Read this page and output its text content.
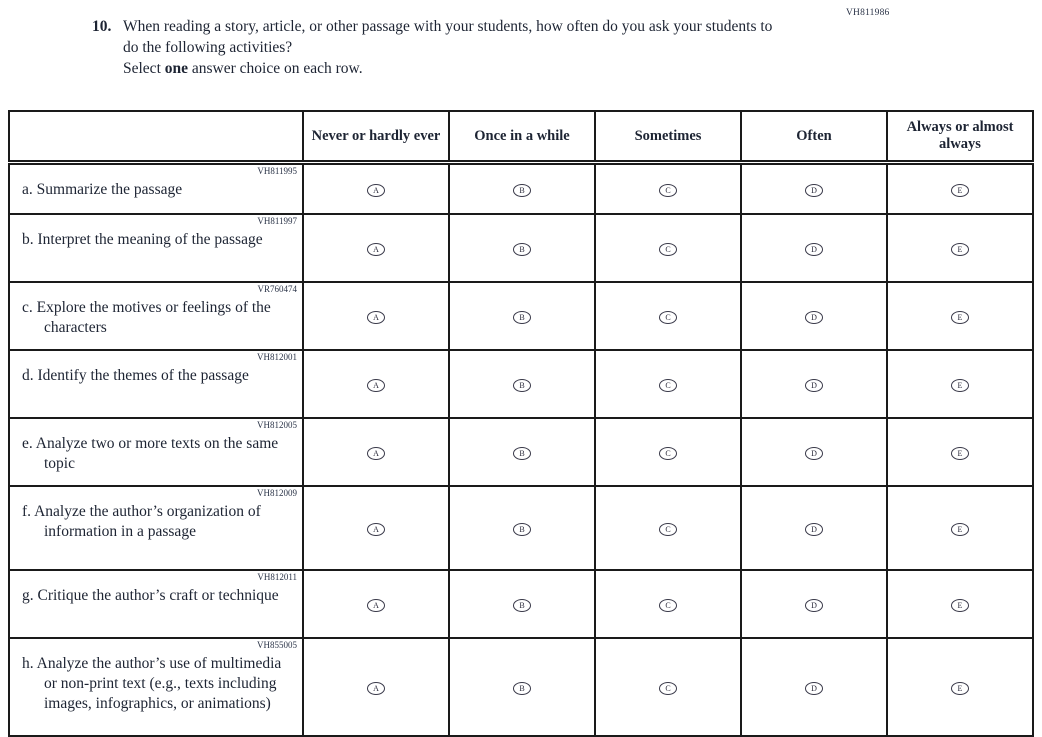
VH811986
10. When reading a story, article, or other passage with your students, how often do you ask your students to do the following activities?
Select one answer choice on each row.
	Never or hardly ever	Once in a while	Sometimes	Often	Always or almost always

VH811995
a. Summarize the passage	A	B	C	D	E

VH811997
b. Interpret the meaning of the passage	A	B	C	D	E

VR760474
c. Explore the motives or feelings of the characters	A	B	C	D	E

VH812001
d. Identify the themes of the passage	A	B	C	D	E

VH812005
e. Analyze two or more texts on the same topic	A	B	C	D	E

VH812009
f. Analyze the author’s organization of information in a passage	A	B	C	D	E

VH812011
g. Critique the author’s craft or technique	A	B	C	D	E

VH855005
h. Analyze the author’s use of multimedia or non-print text (e.g., texts including images, infographics, or animations)	A	B	C	D	E
